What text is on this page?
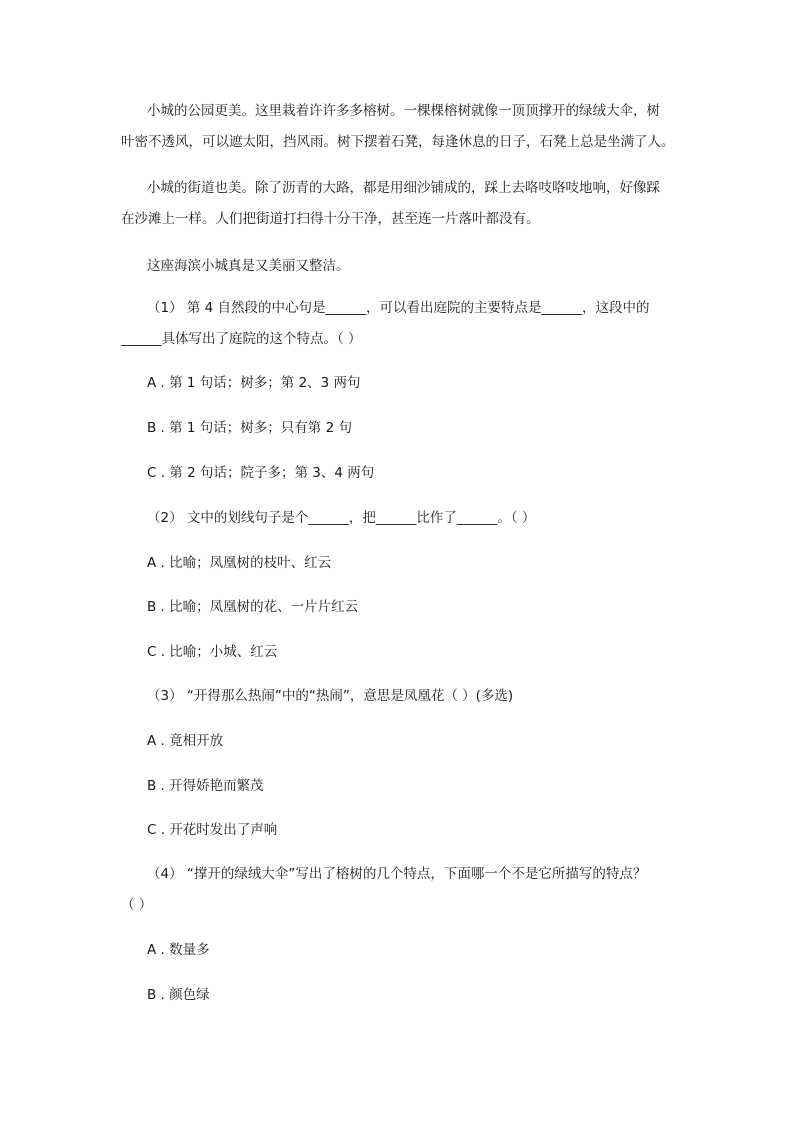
小城的公园更美。这里栽着许许多多榕树。一棵棵榕树就像一顶顶撑开的绿绒大伞，树
叶密不透风，可以遮太阳，挡风雨。树下摆着石凳，每逢休息的日子，石凳上总是坐满了人。
小城的街道也美。除了沥青的大路，都是用细沙铺成的，踩上去咯吱咯吱地响，好像踩
在沙滩上一样。人们把街道打扫得十分干净，甚至连一片落叶都没有。
这座海滨小城真是又美丽又整洁。
（1） 第 4 自然段的中心句是______，可以看出庭院的主要特点是______，这段中的
______具体写出了庭院的这个特点。（ ）
A . 第 1 句话；树多；第 2、3 两句
B . 第 1 句话；树多；只有第 2 句
C . 第 2 句话；院子多；第 3、4 两句
（2） 文中的划线句子是个______，把______比作了______。（ ）
A . 比喻；凤凰树的枝叶、红云
B . 比喻；凤凰树的花、一片片红云
C . 比喻；小城、红云
（3） “开得那么热闹”中的“热闹”，意思是凤凰花（ ）(多选)
A . 竟相开放
B . 开得娇艳而繁茂
C . 开花时发出了声响
（4） “撑开的绿绒大伞”写出了榕树的几个特点，下面哪一个不是它所描写的特点？
（ ）
A . 数量多
B . 颜色绿
